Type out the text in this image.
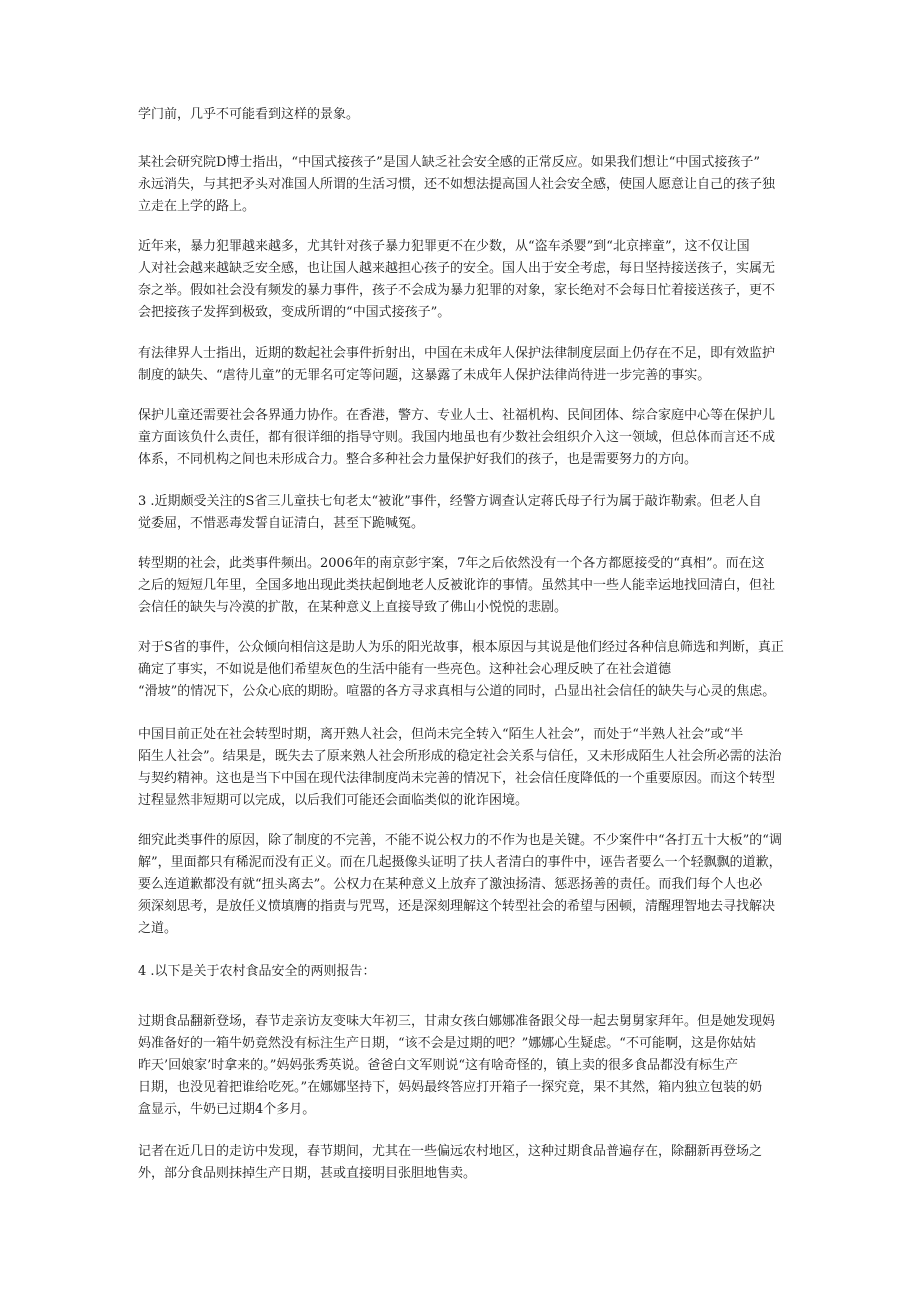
学门前，几乎不可能看到这样的景象。
某社会研究院D博士指出，“中国式接孩子”是国人缺乏社会安全感的正常反应。如果我们想让“中国式接孩子”
永远消失，与其把矛头对准国人所谓的生活习惯，还不如想法提高国人社会安全感，使国人愿意让自己的孩子独
立走在上学的路上。
近年来，暴力犯罪越来越多，尤其针对孩子暴力犯罪更不在少数，从“盗车杀婴”到“北京摔童”，这不仅让国
人对社会越来越缺乏安全感，也让国人越来越担心孩子的安全。国人出于安全考虑，每日坚持接送孩子，实属无
奈之举。假如社会没有频发的暴力事件，孩子不会成为暴力犯罪的对象，家长绝对不会每日忙着接送孩子，更不
会把接孩子发挥到极致，变成所谓的“中国式接孩子”。
有法律界人士指出，近期的数起社会事件折射出，中国在未成年人保护法律制度层面上仍存在不足，即有效监护
制度的缺失、“虐待儿童”的无罪名可定等问题，这暴露了未成年人保护法律尚待进一步完善的事实。
保护儿童还需要社会各界通力协作。在香港，警方、专业人士、社福机构、民间团体、综合家庭中心等在保护儿
童方面该负什么责任，都有很详细的指导守则。我国内地虽也有少数社会组织介入这一领域，但总体而言还不成
体系，不同机构之间也未形成合力。整合多种社会力量保护好我们的孩子，也是需要努力的方向。
3 .近期颇受关注的S省三儿童扶七旬老太“被讹”事件，经警方调查认定蒋氏母子行为属于敲诈勒索。但老人自
觉委屈，不惜恶毒发誓自证清白，甚至下跪喊冤。
转型期的社会，此类事件频出。2006年的南京彭宇案，7年之后依然没有一个各方都愿接受的“真相”。而在这
之后的短短几年里，全国多地出现此类扶起倒地老人反被讹诈的事情。虽然其中一些人能幸运地找回清白，但社
会信任的缺失与冷漠的扩散，在某种意义上直接导致了佛山小悦悦的悲剧。
对于S省的事件，公众倾向相信这是助人为乐的阳光故事，根本原因与其说是他们经过各种信息筛选和判断，真正
确定了事实，不如说是他们希望灰色的生活中能有一些亮色。这种社会心理反映了在社会道德
“滑坡”的情况下，公众心底的期盼。喧嚣的各方寻求真相与公道的同时，凸显出社会信任的缺失与心灵的焦虑。
中国目前正处在社会转型时期，离开熟人社会，但尚未完全转入“陌生人社会”，而处于“半熟人社会”或“半
陌生人社会”。结果是，既失去了原来熟人社会所形成的稳定社会关系与信任，又未形成陌生人社会所必需的法治
与契约精神。这也是当下中国在现代法律制度尚未完善的情况下，社会信任度降低的一个重要原因。而这个转型
过程显然非短期可以完成，以后我们可能还会面临类似的讹诈困境。
细究此类事件的原因，除了制度的不完善，不能不说公权力的不作为也是关键。不少案件中“各打五十大板”的“调
解”，里面都只有稀泥而没有正义。而在几起摄像头证明了扶人者清白的事件中，诬告者要么一个轻飘飘的道歉，
要么连道歉都没有就“扭头离去”。公权力在某种意义上放弃了激浊扬清、惩恶扬善的责任。而我们每个人也必
须深刻思考，是放任义愤填膺的指责与咒骂，还是深刻理解这个转型社会的希望与困顿，清醒理智地去寻找解决
之道。
4 .以下是关于农村食品安全的两则报告：
过期食品翻新登场，春节走亲访友变味大年初三，甘肃女孩白娜娜准备跟父母一起去舅舅家拜年。但是她发现妈
妈准备好的一箱牛奶竟然没有标注生产日期，“该不会是过期的吧？”娜娜心生疑虑。“不可能啊，这是你姑姑
昨天’回娘家’时拿来的。”妈妈张秀英说。爸爸白文军则说“这有啥奇怪的，镇上卖的很多食品都没有标生产
日期，也没见着把谁给吃死。”在娜娜坚持下，妈妈最终答应打开箱子一探究竟，果不其然，箱内独立包装的奶
盒显示，牛奶已过期4个多月。
记者在近几日的走访中发现，春节期间，尤其在一些偏远农村地区，这种过期食品普遍存在，除翻新再登场之
外，部分食品则抹掉生产日期，甚或直接明目张胆地售卖。
